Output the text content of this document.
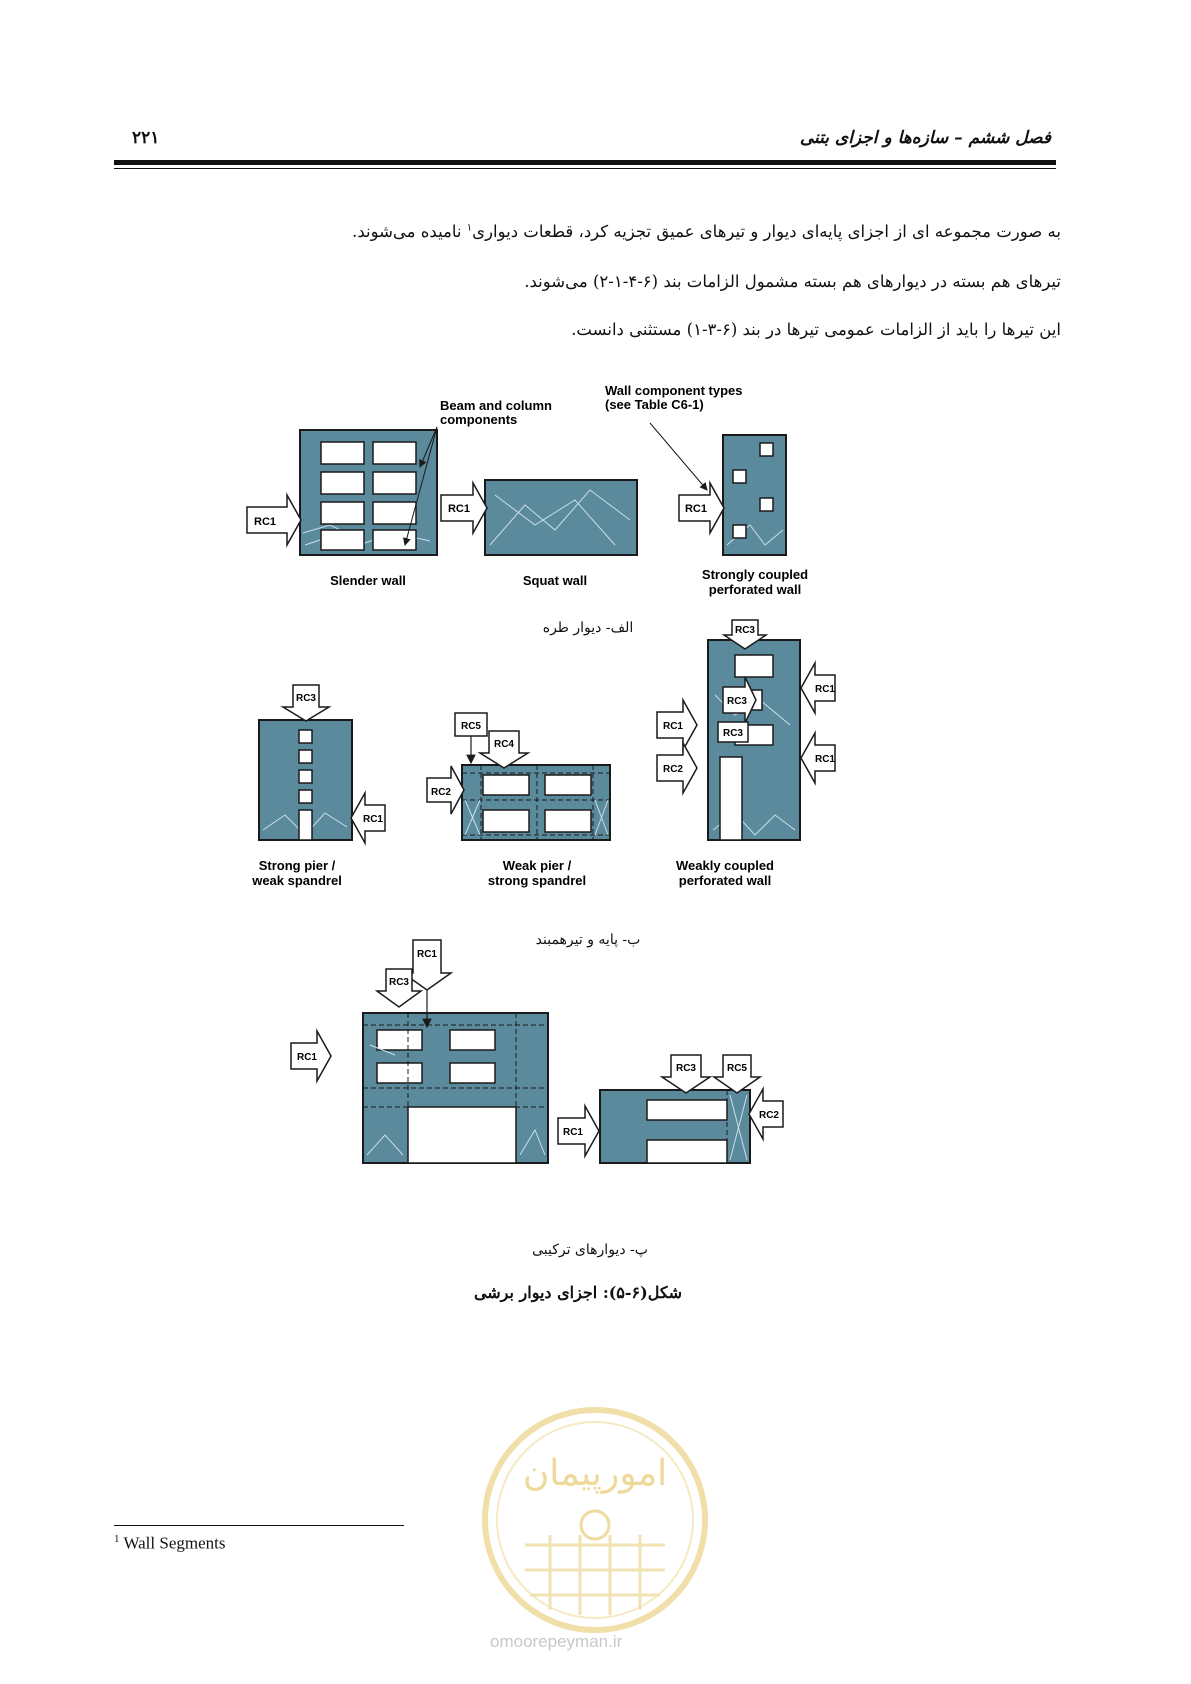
فصل ششم – سازه‌ها و اجزای بتنی
۲۲۱
به صورت مجموعه ای از اجزای پایه‌ای دیوار و تیرهای عمیق تجزیه کرد، قطعات دیواری$^۱$ نامیده می‌شوند.
تیرهای هم بسته در دیوارهای هم بسته مشمول الزامات بند (۶-۴-۱-۲) می‌شوند.
این تیرها را باید از الزامات عمومی تیرها در بند (۶-۳-۱) مستثنی دانست.
RC1
Beam and column
components
Slender wall
RC1
Squat wall
RC1
Wall component types
(see Table C6-1)
Strongly coupled
perforated wall
RC3
RC1
Strong pier /
weak spandrel
RC5
RC4
RC2
Weak pier /
strong spandrel
RC3
RC3
RC3
RC1
RC1
RC1
RC2
Weakly coupled
perforated wall
RC1
RC3
RC1
RC3	RC5
RC2
RC1
الف- دیوار طره
ب- پایه و تیرهمبند
پ- دیوارهای ترکیبی
شکل(۶-۵): اجزای دیوار برشی
امورپیمان
omoorepeyman.ir
$^1$ Wall Segments
